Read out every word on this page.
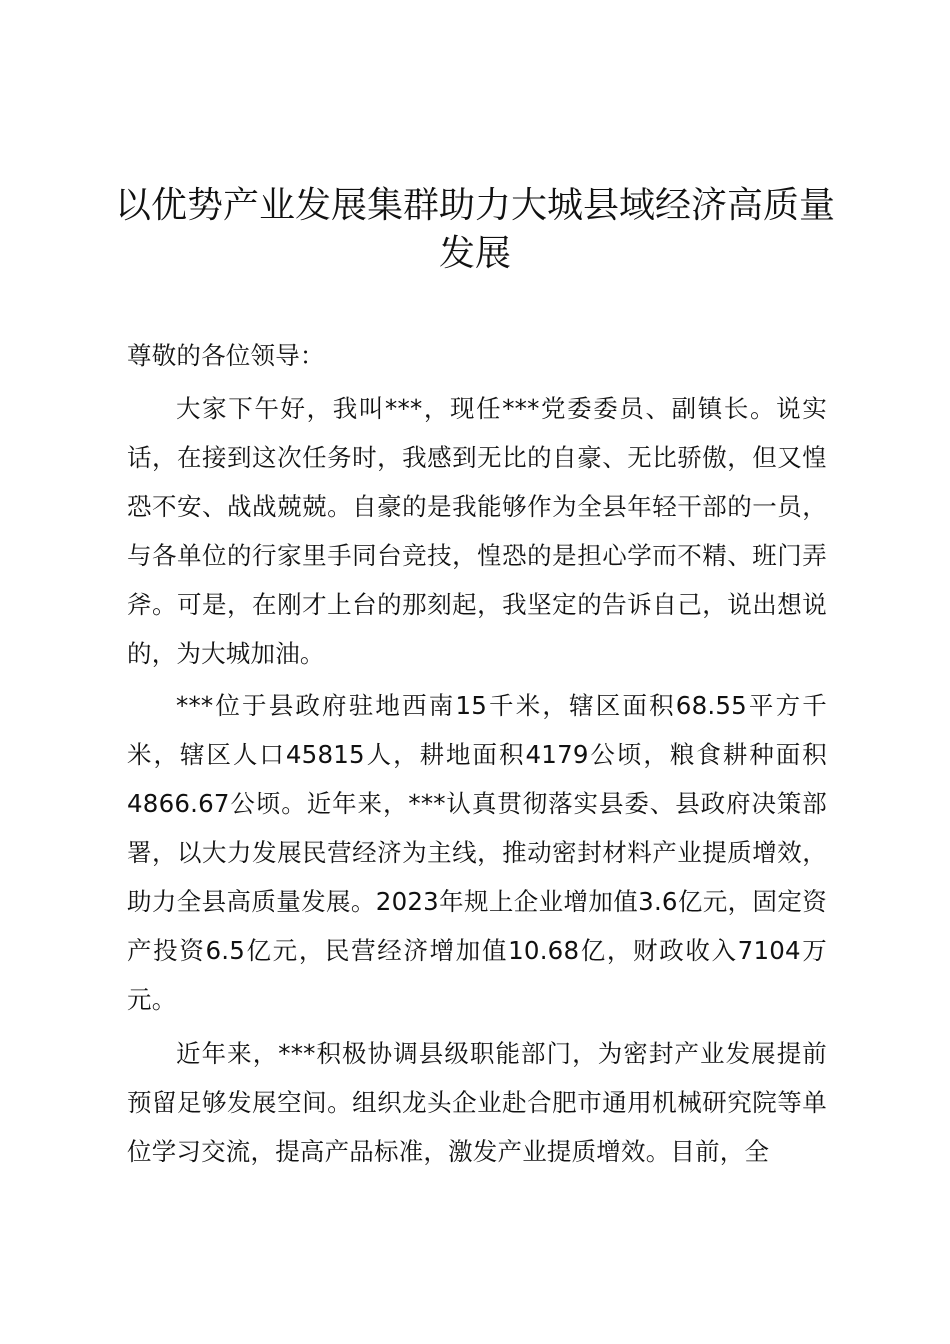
以优势产业发展集群助力大城县域经济高质量发展

尊敬的各位领导：

大家下午好，我叫***，现任***党委委员、副镇长。说实话，在接到这次任务时，我感到无比的自豪、无比骄傲，但又惶恐不安、战战兢兢。自豪的是我能够作为全县年轻干部的一员，与各单位的行家里手同台竞技，惶恐的是担心学而不精、班门弄斧。可是，在刚才上台的那刻起，我坚定的告诉自己，说出想说的，为大城加油。

***位于县政府驻地西南15千米，辖区面积68.55平方千米，辖区人口45815人，耕地面积4179公顷，粮食耕种面积4866.67公顷。近年来，***认真贯彻落实县委、县政府决策部署，以大力发展民营经济为主线，推动密封材料产业提质增效，助力全县高质量发展。2023年规上企业增加值3.6亿元，固定资产投资6.5亿元，民营经济增加值10.68亿，财政收入7104万元。

近年来，***积极协调县级职能部门，为密封产业发展提前预留足够发展空间。组织龙头企业赴合肥市通用机械研究院等单位学习交流，提高产品标准，激发产业提质增效。目前，全
